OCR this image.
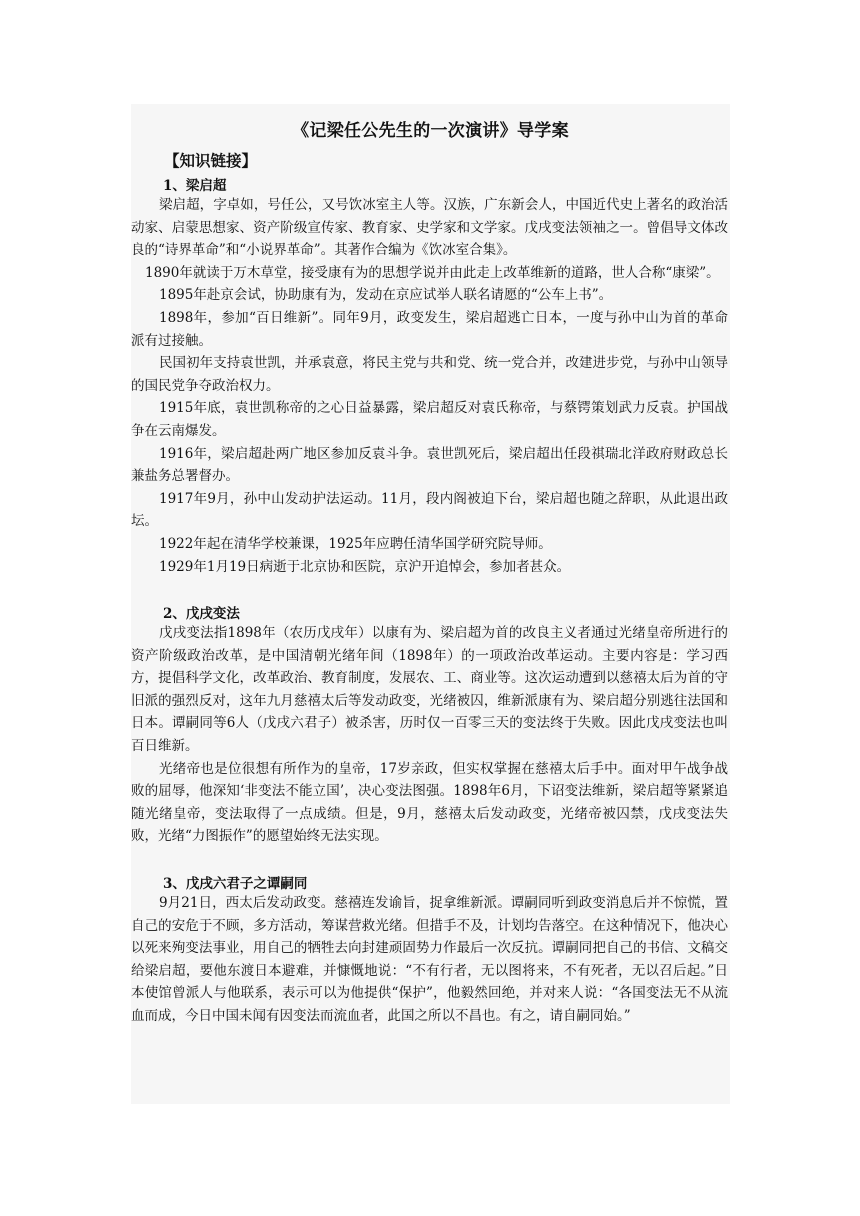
《记梁任公先生的一次演讲》导学案
【知识链接】
1、梁启超

梁启超，字卓如，号任公，又号饮冰室主人等。汉族，广东新会人，中国近代史上著名的政治活动家、启蒙思想家、资产阶级宣传家、教育家、史学家和文学家。戊戌变法领袖之一。曾倡导文体改良的“诗界革命”和“小说界革命”。其著作合编为《饮冰室合集》。

1890年就读于万木草堂，接受康有为的思想学说并由此走上改革维新的道路，世人合称“康梁”。

1895年赴京会试，协助康有为，发动在京应试举人联名请愿的“公车上书”。

1898年，参加“百日维新”。同年9月，政变发生，梁启超逃亡日本，一度与孙中山为首的革命派有过接触。

民国初年支持袁世凯，并承袁意，将民主党与共和党、统一党合并，改建进步党，与孙中山领导的国民党争夺政治权力。

1915年底，袁世凯称帝的之心日益暴露，梁启超反对袁氏称帝，与蔡锷策划武力反袁。护国战争在云南爆发。

1916年，梁启超赴两广地区参加反袁斗争。袁世凯死后，梁启超出任段祺瑞北洋政府财政总长兼盐务总署督办。

1917年9月，孙中山发动护法运动。11月，段内阁被迫下台，梁启超也随之辞职，从此退出政坛。

1922年起在清华学校兼课，1925年应聘任清华国学研究院导师。

1929年1月19日病逝于北京协和医院，京沪开追悼会，参加者甚众。

2、戊戌变法

戊戌变法指1898年（农历戊戌年）以康有为、梁启超为首的改良主义者通过光绪皇帝所进行的资产阶级政治改革，是中国清朝光绪年间（1898年）的一项政治改革运动。主要内容是：学习西方，提倡科学文化，改革政治、教育制度，发展农、工、商业等。这次运动遭到以慈禧太后为首的守旧派的强烈反对，这年九月慈禧太后等发动政变，光绪被囚，维新派康有为、梁启超分别逃往法国和日本。谭嗣同等6人（戊戌六君子）被杀害，历时仅一百零三天的变法终于失败。因此戊戌变法也叫百日维新。

光绪帝也是位很想有所作为的皇帝，17岁亲政，但实权掌握在慈禧太后手中。面对甲午战争战败的屈辱，他深知‘非变法不能立国’，决心变法图强。1898年6月，下诏变法维新，梁启超等紧紧追随光绪皇帝，变法取得了一点成绩。但是，9月，慈禧太后发动政变，光绪帝被囚禁，戊戌变法失败，光绪“力图振作”的愿望始终无法实现。

3、戊戌六君子之谭嗣同

9月21日，西太后发动政变。慈禧连发谕旨，捉拿维新派。谭嗣同听到政变消息后并不惊慌，置自己的安危于不顾，多方活动，筹谋营救光绪。但措手不及，计划均告落空。在这种情况下，他决心以死来殉变法事业，用自己的牺牲去向封建顽固势力作最后一次反抗。谭嗣同把自己的书信、文稿交给梁启超，要他东渡日本避难，并慷慨地说：“不有行者，无以图将来，不有死者，无以召后起。”日本使馆曾派人与他联系，表示可以为他提供“保护”，他毅然回绝，并对来人说：“各国变法无不从流血而成，今日中国未闻有因变法而流血者，此国之所以不昌也。有之，请自嗣同始。”
